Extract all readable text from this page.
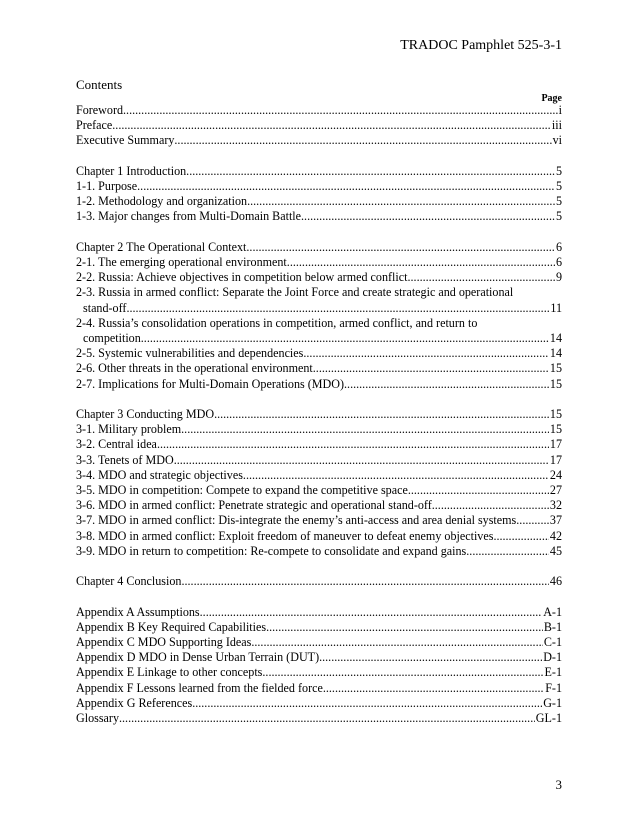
TRADOC Pamphlet 525-3-1
Contents
Page
Foreword .....	i
Preface .....	iii
Executive Summary .....	vi
Chapter 1 Introduction .....	5
1-1. Purpose .....	5
1-2. Methodology and organization .....	5
1-3. Major changes from Multi-Domain Battle .....	5
Chapter 2 The Operational Context .....	6
2-1. The emerging operational environment .....	6
2-2. Russia: Achieve objectives in competition below armed conflict .....	9
2-3. Russia in armed conflict: Separate the Joint Force and create strategic and operational
stand-off .....	11
2-4. Russia’s consolidation operations in competition, armed conflict, and return to
competition .....	14
2-5. Systemic vulnerabilities and dependencies .....	14
2-6. Other threats in the operational environment .....	15
2-7. Implications for Multi-Domain Operations (MDO) .....	15
Chapter 3 Conducting MDO .....	15
3-1. Military problem .....	15
3-2. Central idea .....	17
3-3. Tenets of MDO .....	17
3-4. MDO and strategic objectives .....	24
3-5. MDO in competition: Compete to expand the competitive space .....	27
3-6. MDO in armed conflict: Penetrate strategic and operational stand-off .....	32
3-7. MDO in armed conflict: Dis-integrate the enemy’s anti-access and area denial systems .....	37
3-8. MDO in armed conflict: Exploit freedom of maneuver to defeat enemy objectives .....	42
3-9. MDO in return to competition: Re-compete to consolidate and expand gains .....	45
Chapter 4 Conclusion .....	46
Appendix A Assumptions .....	A-1
Appendix B Key Required Capabilities .....	B-1
Appendix C MDO Supporting Ideas .....	C-1
Appendix D MDO in Dense Urban Terrain (DUT) .....	D-1
Appendix E Linkage to other concepts .....	E-1
Appendix F Lessons learned from the fielded force .....	F-1
Appendix G References .....	G-1
Glossary .....	GL-1
3
